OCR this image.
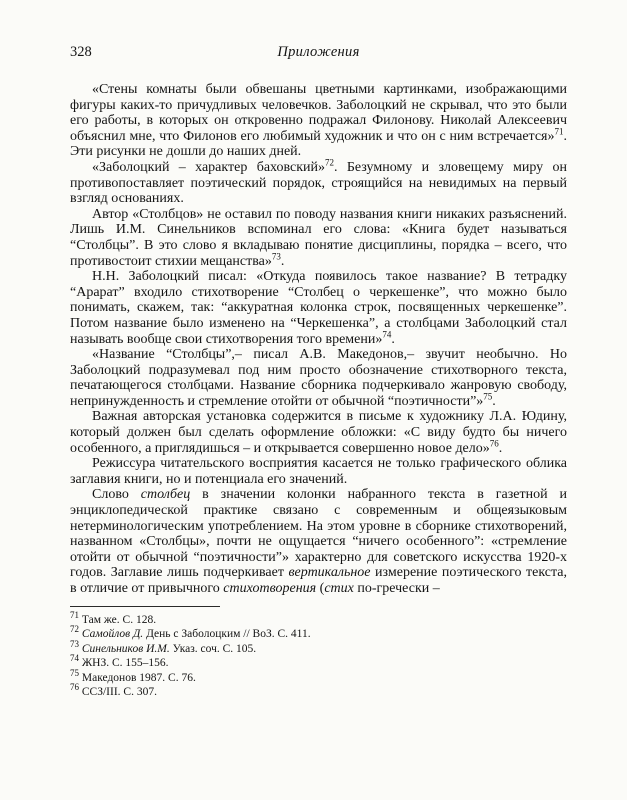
328	Приложения

«Стены комнаты были обвешаны цветными картинками, изображающими фигуры каких-то причудливых человечков. Заболоцкий не скрывал, что это были его работы, в которых он откровенно подражал Филонову. Николай Алексеевич объяснил мне, что Филонов его любимый художник и что он с ним встречается»$^{71}$. Эти рисунки не дошли до наших дней.

«Заболоцкий – характер баховский»$^{72}$. Безумному и зловещему миру он противопоставляет поэтический порядок, строящийся на невидимых на первый взгляд основаниях.

Автор «Столбцов» не оставил по поводу названия книги никаких разъяснений. Лишь И.М. Синельников вспоминал его слова: «Книга будет называться “Столбцы”. В это слово я вкладываю понятие дисциплины, порядка – всего, что противостоит стихии мещанства»$^{73}$.

Н.Н. Заболоцкий писал: «Откуда появилось такое название? В тетрадку “Арарат” входило стихотворение “Столбец о черкешенке”, что можно было понимать, скажем, так: “аккуратная колонка строк, посвященных черкешенке”. Потом название было изменено на “Черкешенка”, а столбцами Заболоцкий стал называть вообще свои стихотворения того времени»$^{74}$.

«Название “Столбцы”,– писал А.В. Македонов,– звучит необычно. Но Заболоцкий подразумевал под ним просто обозначение стихотворного текста, печатающегося столбцами. Название сборника подчеркивало жанровую свободу, непринужденность и стремление отойти от обычной “поэтичности”»$^{75}$.

Важная авторская установка содержится в письме к художнику Л.А. Юдину, который должен был сделать оформление обложки: «С виду будто бы ничего особенного, а приглядишься – и открывается совершенно новое дело»$^{76}$.

Режиссура читательского восприятия касается не только графического облика заглавия книги, но и потенциала его значений.

Слово столбец в значении колонки набранного текста в газетной и энциклопедической практике связано с современным и общеязыковым нетерминологическим употреблением. На этом уровне в сборнике стихотворений, названном «Столбцы», почти не ощущается “ничего особенного”: «стремление отойти от обычной “поэтичности”» характерно для советского искусства 1920-х годов. Заглавие лишь подчеркивает вертикальное измерение поэтического текста, в отличие от привычного стихотворения (стих по-гречески –

$^{71}$ Там же. С. 128.

$^{72}$ Самойлов Д. День с Заболоцким // ВоЗ. С. 411.

$^{73}$ Синельников И.М. Указ. соч. С. 105.

$^{74}$ ЖНЗ. С. 155–156.

$^{75}$ Македонов 1987. С. 76.

$^{76}$ ССЗ/III. С. 307.
